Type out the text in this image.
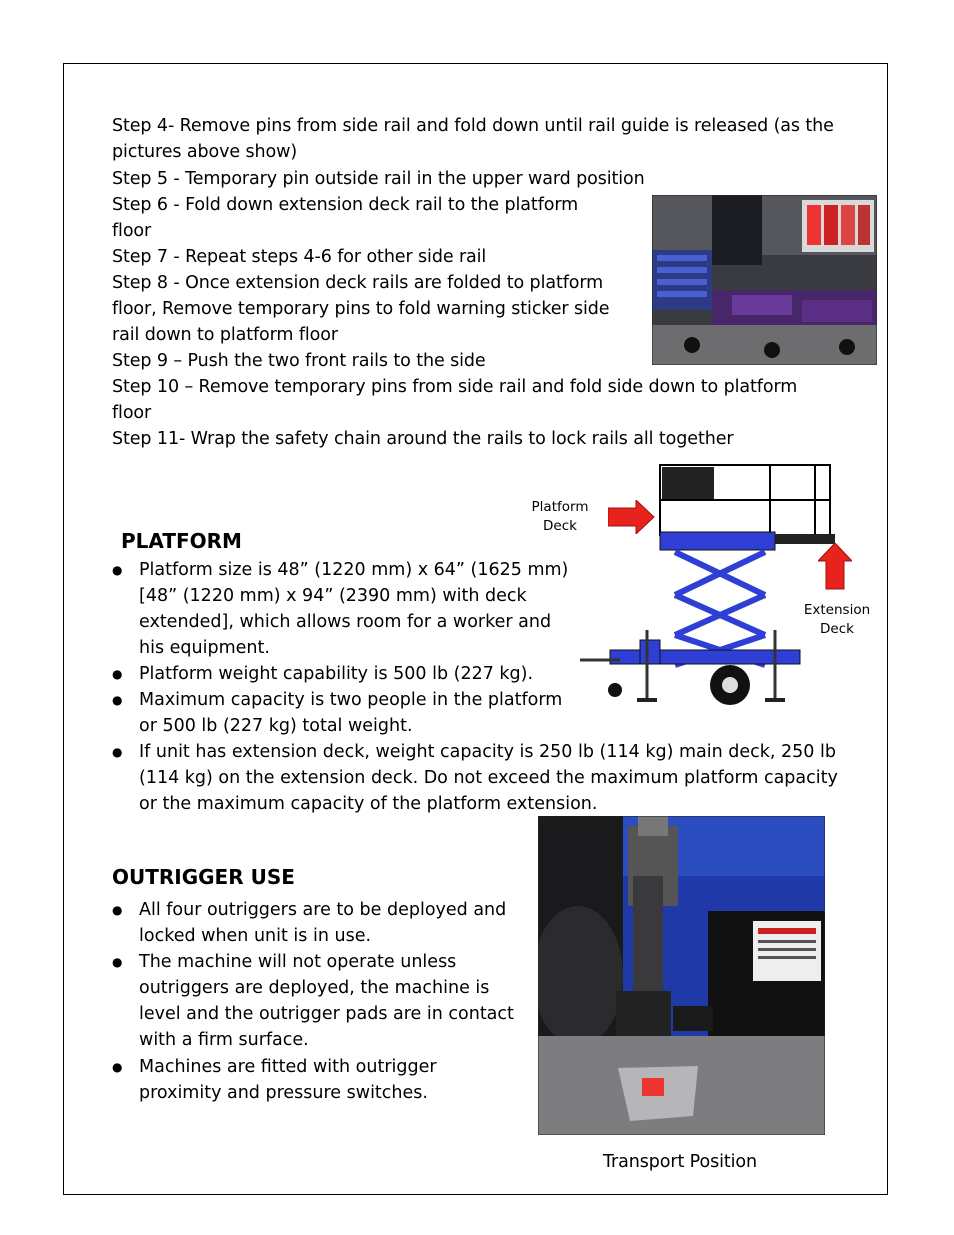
Step 4- Remove pins from side rail and fold down until rail guide is released (as the
pictures above show)
Step 5 - Temporary pin outside rail in the upper ward position
Step 6 - Fold down extension deck rail to the platform
floor
Step 7 - Repeat steps 4-6 for other side rail
Step 8 - Once extension deck rails are folded to platform
floor, Remove temporary pins to fold warning sticker side
rail down to platform floor
Step 9 – Push the two front rails to the side
Step 10 – Remove temporary pins from side rail and fold side down to platform
floor
Step 11- Wrap the safety chain around the rails to lock rails all together
PLATFORM
● Platform size is 48” (1220 mm) x 64” (1625 mm)
[48” (1220 mm) x 94” (2390 mm) with deck
extended], which allows room for a worker and
his equipment.
● Platform weight capability is 500 lb (227 kg).
● Maximum capacity is two people in the platform
or 500 lb (227 kg) total weight.
● If unit has extension deck, weight capacity is 250 lb (114 kg) main deck, 250 lb
(114 kg) on the extension deck. Do not exceed the maximum platform capacity
or the maximum capacity of the platform extension.
Platform
Deck
Extension
Deck
OUTRIGGER USE
● All four outriggers are to be deployed and
locked when unit is in use.
● The machine will not operate unless
outriggers are deployed, the machine is
level and the outrigger pads are in contact
with a firm surface.
● Machines are fitted with outrigger
proximity and pressure switches.
Transport Position
